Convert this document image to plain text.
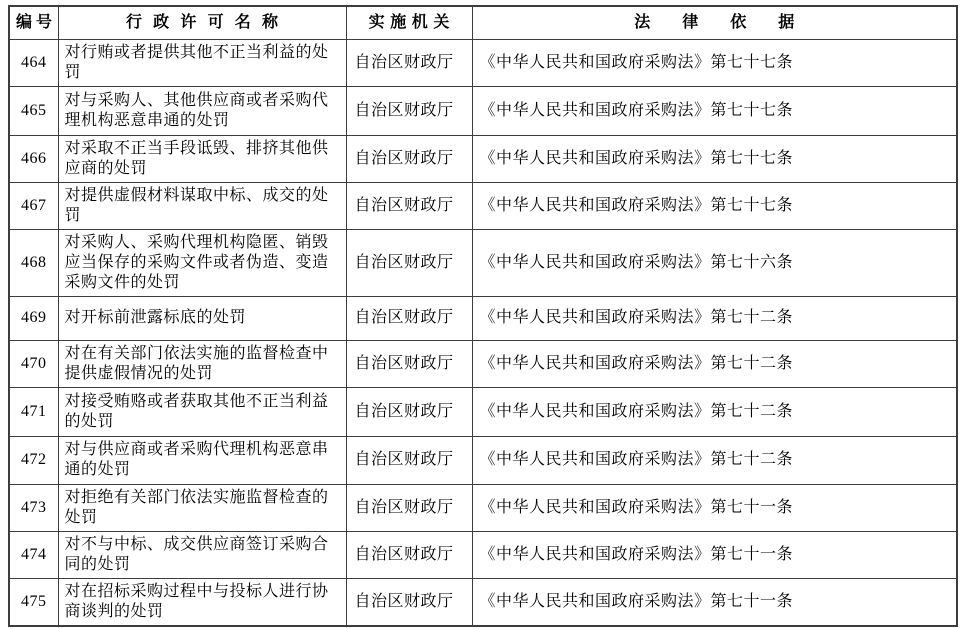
编号	行政许可名称	实施机关	法律依据
464	对行贿或者提供其他不正当利益的处罚	自治区财政厅	《中华人民共和国政府采购法》第七十七条
465	对与采购人、其他供应商或者采购代理机构恶意串通的处罚	自治区财政厅	《中华人民共和国政府采购法》第七十七条
466	对采取不正当手段诋毁、排挤其他供应商的处罚	自治区财政厅	《中华人民共和国政府采购法》第七十七条
467	对提供虚假材料谋取中标、成交的处罚	自治区财政厅	《中华人民共和国政府采购法》第七十七条
468	对采购人、采购代理机构隐匿、销毁应当保存的采购文件或者伪造、变造采购文件的处罚	自治区财政厅	《中华人民共和国政府采购法》第七十六条
469	对开标前泄露标底的处罚	自治区财政厅	《中华人民共和国政府采购法》第七十二条
470	对在有关部门依法实施的监督检查中提供虚假情况的处罚	自治区财政厅	《中华人民共和国政府采购法》第七十二条
471	对接受贿赂或者获取其他不正当利益的处罚	自治区财政厅	《中华人民共和国政府采购法》第七十二条
472	对与供应商或者采购代理机构恶意串通的处罚	自治区财政厅	《中华人民共和国政府采购法》第七十二条
473	对拒绝有关部门依法实施监督检查的处罚	自治区财政厅	《中华人民共和国政府采购法》第七十一条
474	对不与中标、成交供应商签订采购合同的处罚	自治区财政厅	《中华人民共和国政府采购法》第七十一条
475	对在招标采购过程中与投标人进行协商谈判的处罚	自治区财政厅	《中华人民共和国政府采购法》第七十一条
